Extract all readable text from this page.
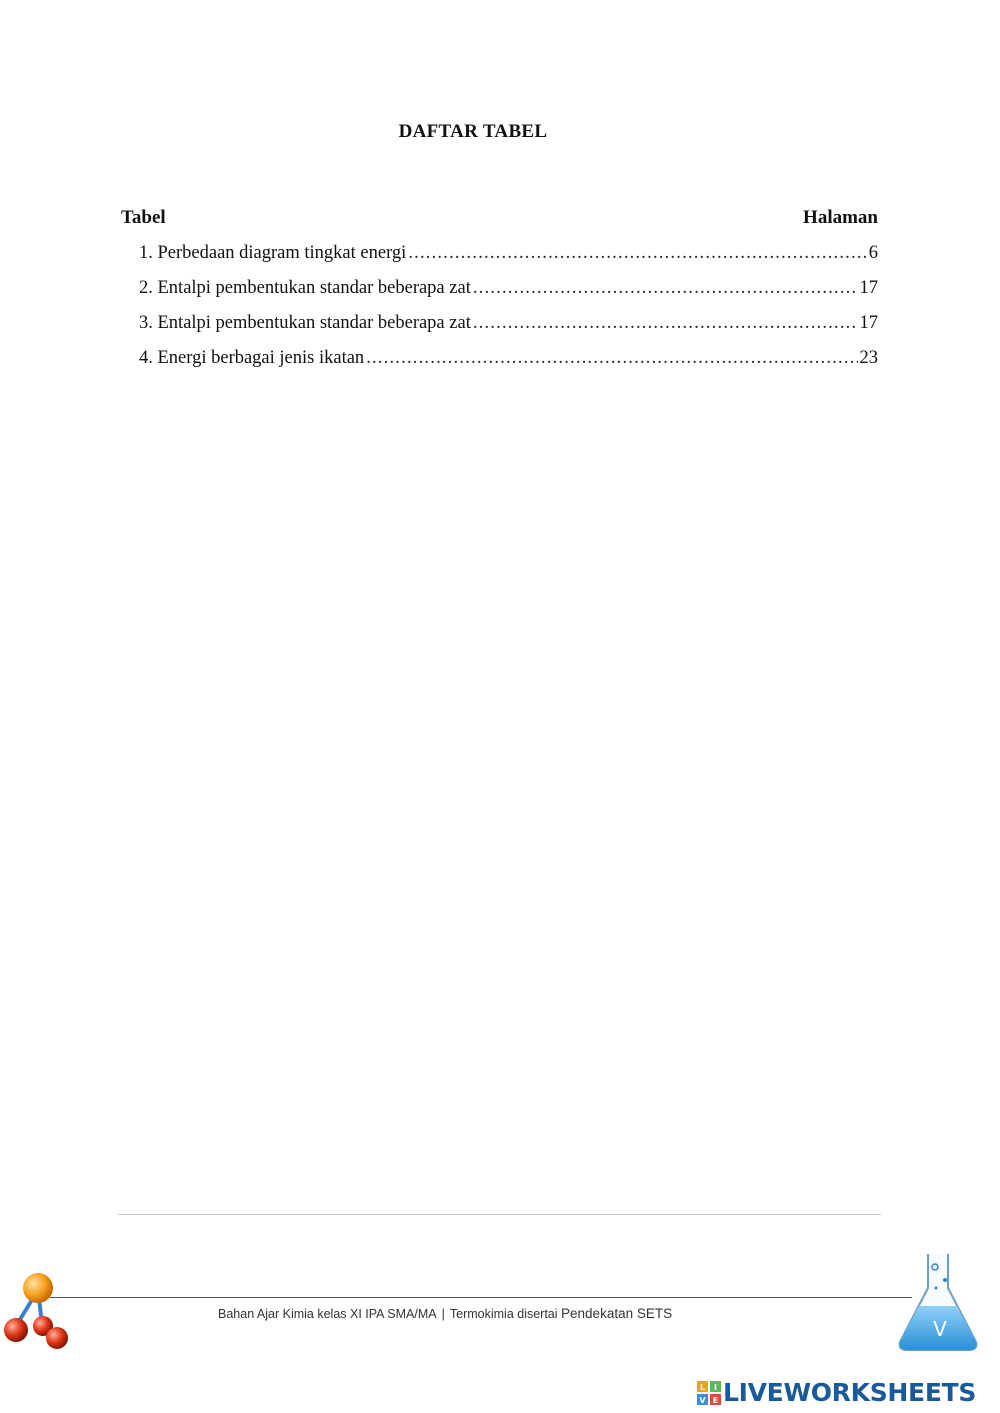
DAFTAR TABEL
Tabel	Halaman
1. Perbedaan diagram tingkat energi .....	6
2. Entalpi pembentukan standar beberapa zat .....	17
3. Entalpi pembentukan standar beberapa zat .....	17
4. Energi berbagai jenis ikatan .....	23
Bahan Ajar Kimia kelas XI IPA SMA/MA | Termokimia disertai Pendekatan SETS
V
L I
V E LIVEWORKSHEETS
